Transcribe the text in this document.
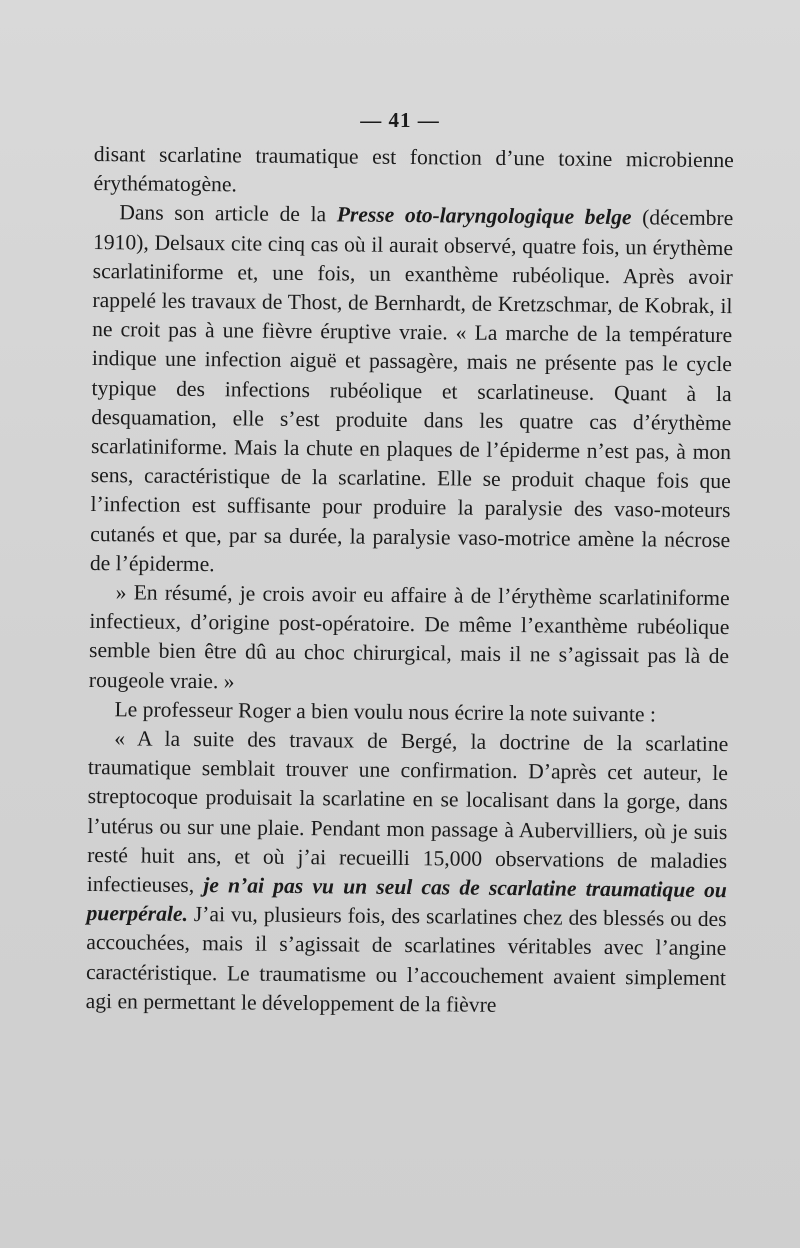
— 41 —

disant scarlatine traumatique est fonction d’une toxine microbienne érythématogène.

Dans son article de la Presse oto-laryngologique belge (décembre 1910), Delsaux cite cinq cas où il aurait observé, quatre fois, un érythème scarlatiniforme et, une fois, un exanthème rubéolique. Après avoir rappelé les travaux de Thost, de Bernhardt, de Kretzschmar, de Kobrak, il ne croit pas à une fièvre éruptive vraie. « La marche de la température indique une infection aiguë et passagère, mais ne présente pas le cycle typique des infections rubéolique et scarlatineuse. Quant à la desquamation, elle s’est produite dans les quatre cas d’érythème scarlatiniforme. Mais la chute en plaques de l’épiderme n’est pas, à mon sens, caractéristique de la scarlatine. Elle se produit chaque fois que l’infection est suffisante pour produire la paralysie des vaso-moteurs cutanés et que, par sa durée, la paralysie vaso-motrice amène la nécrose de l’épiderme.

» En résumé, je crois avoir eu affaire à de l’érythème scarlatiniforme infectieux, d’origine post-opératoire. De même l’exanthème rubéolique semble bien être dû au choc chirurgical, mais il ne s’agissait pas là de rougeole vraie. »

Le professeur Roger a bien voulu nous écrire la note suivante :

« A la suite des travaux de Bergé, la doctrine de la scarlatine traumatique semblait trouver une confirmation. D’après cet auteur, le streptocoque produisait la scarlatine en se localisant dans la gorge, dans l’utérus ou sur une plaie. Pendant mon passage à Aubervilliers, où je suis resté huit ans, et où j’ai recueilli 15,000 observations de maladies infectieuses, je n’ai pas vu un seul cas de scarlatine traumatique ou puerpérale. J’ai vu, plusieurs fois, des scarlatines chez des blessés ou des accouchées, mais il s’agissait de scarlatines véritables avec l’angine caractéristique. Le traumatisme ou l’accouchement avaient simplement agi en permettant le développement de la fièvre
